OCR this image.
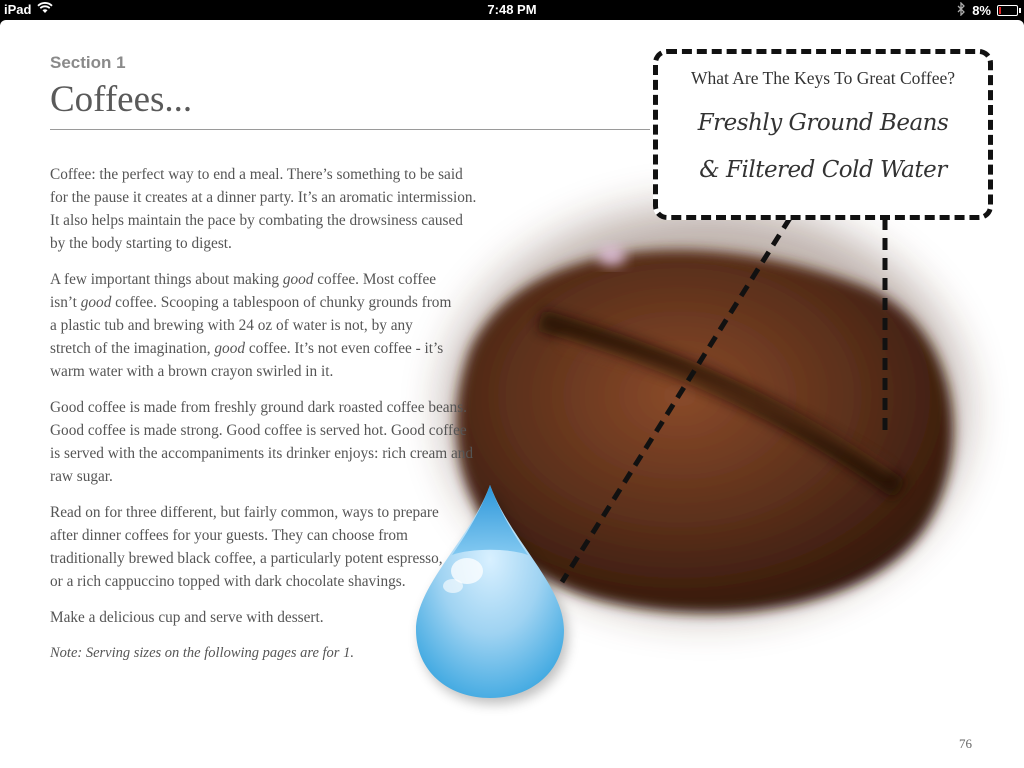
iPad	7:48 PM	8%
Section 1
Coffees...

Coffee: the perfect way to end a meal. There’s something to be said for the pause it creates at a dinner party. It’s an aromatic intermission. It also helps maintain the pace by combating the drowsiness caused by the body starting to digest.

A few important things about making good coffee. Most coffee isn’t good coffee. Scooping a tablespoon of chunky grounds from a plastic tub and brewing with 24 oz of water is not, by any stretch of the imagination, good coffee. It’s not even coffee - it’s warm water with a brown crayon swirled in it.

Good coffee is made from freshly ground dark roasted coffee beans. Good coffee is made strong. Good coffee is served hot. Good coffee is served with the accompaniments its drinker enjoys: rich cream and raw sugar.

Read on for three different, but fairly common, ways to prepare after dinner coffees for your guests. They can choose from traditionally brewed black coffee, a particularly potent espresso, or a rich cappuccino topped with dark chocolate shavings.

Make a delicious cup and serve with dessert.

Note: Serving sizes on the following pages are for 1.

What Are The Keys To Great Coffee?
Freshly Ground Beans
& Filtered Cold Water
76
